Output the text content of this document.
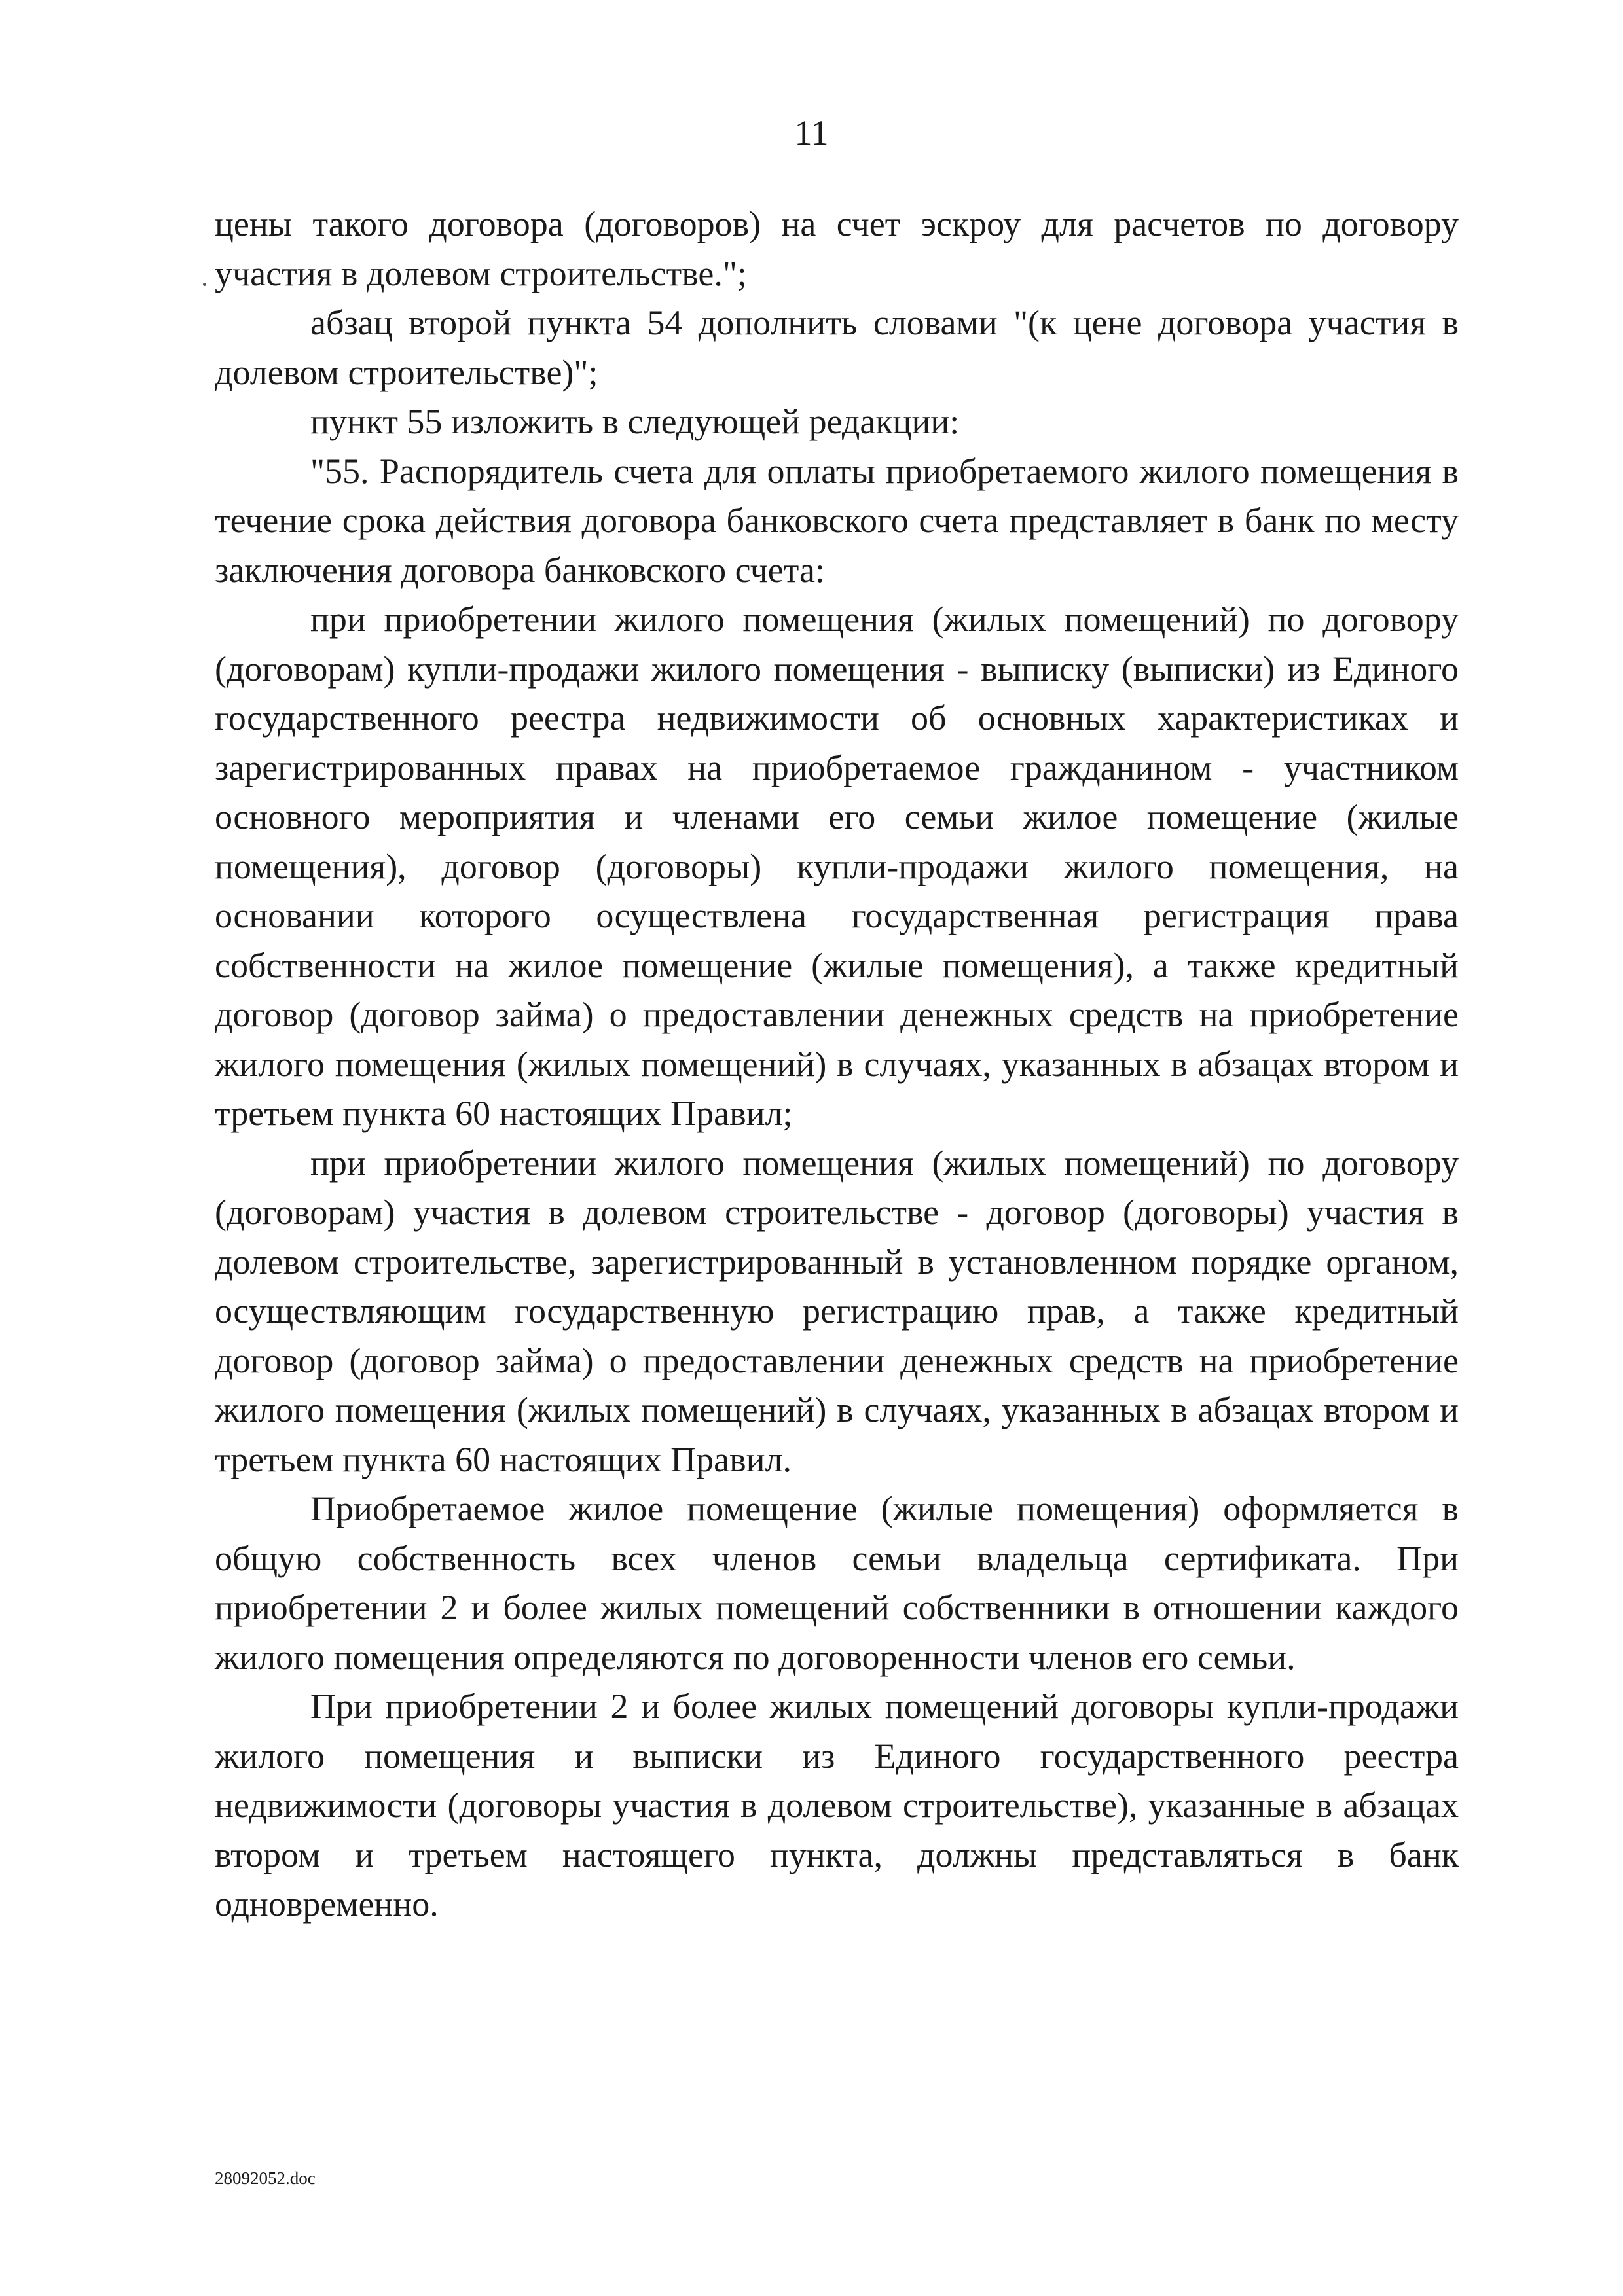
11

цены такого договора (договоров) на счет эскроу для расчетов по договору участия в долевом строительстве.";

абзац второй пункта 54 дополнить словами "(к цене договора участия в долевом строительстве)";

пункт 55 изложить в следующей редакции:

"55. Распорядитель счета для оплаты приобретаемого жилого помещения в течение срока действия договора банковского счета представляет в банк по месту заключения договора банковского счета:

при приобретении жилого помещения (жилых помещений) по договору (договорам) купли-продажи жилого помещения - выписку (выписки) из Единого государственного реестра недвижимости об основных характеристиках и зарегистрированных правах на приобретаемое гражданином - участником основного мероприятия и членами его семьи жилое помещение (жилые помещения), договор (договоры) купли-продажи жилого помещения, на основании которого осуществлена государственная регистрация права собственности на жилое помещение (жилые помещения), а также кредитный договор (договор займа) о предоставлении денежных средств на приобретение жилого помещения (жилых помещений) в случаях, указанных в абзацах втором и третьем пункта 60 настоящих Правил;

при приобретении жилого помещения (жилых помещений) по договору (договорам) участия в долевом строительстве - договор (договоры) участия в долевом строительстве, зарегистрированный в установленном порядке органом, осуществляющим государственную регистрацию прав, а также кредитный договор (договор займа) о предоставлении денежных средств на приобретение жилого помещения (жилых помещений) в случаях, указанных в абзацах втором и третьем пункта 60 настоящих Правил.

Приобретаемое жилое помещение (жилые помещения) оформляется в общую собственность всех членов семьи владельца сертификата. При приобретении 2 и более жилых помещений собственники в отношении каждого жилого помещения определяются по договоренности членов его семьи.

При приобретении 2 и более жилых помещений договоры купли-продажи жилого помещения и выписки из Единого государственного реестра недвижимости (договоры участия в долевом строительстве), указанные в абзацах втором и третьем настоящего пункта, должны представляться в банк одновременно.

28092052.doc
